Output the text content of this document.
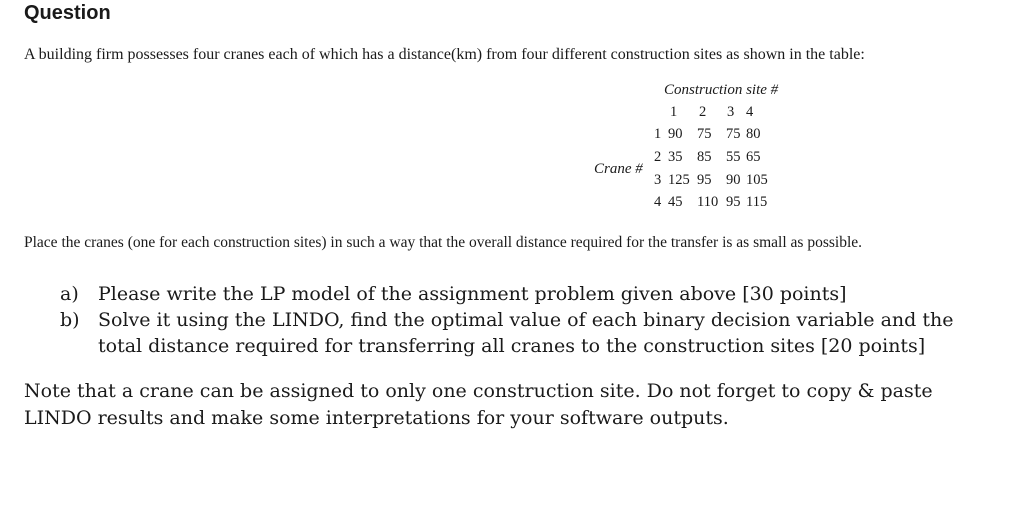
Question
A building firm possesses four cranes each of which has a distance(km) from four different construction sites as shown in the table:
Construction site #
Crane #
1 2 3 4
1 90 75 75 80
2 35 85 55 65
3 125 95 90 105
4 45 110 95 115
Place the cranes (one for each construction sites) in such a way that the overall distance required for the transfer is as small as possible.
a)	Please write the LP model of the assignment problem given above [30 points]
b) Solve it using the LINDO, find the optimal value of each binary decision variable and the total distance required for transferring all cranes to the construction sites [20 points]
Note that a crane can be assigned to only one construction site. Do not forget to copy & paste LINDO results and make some interpretations for your software outputs.
